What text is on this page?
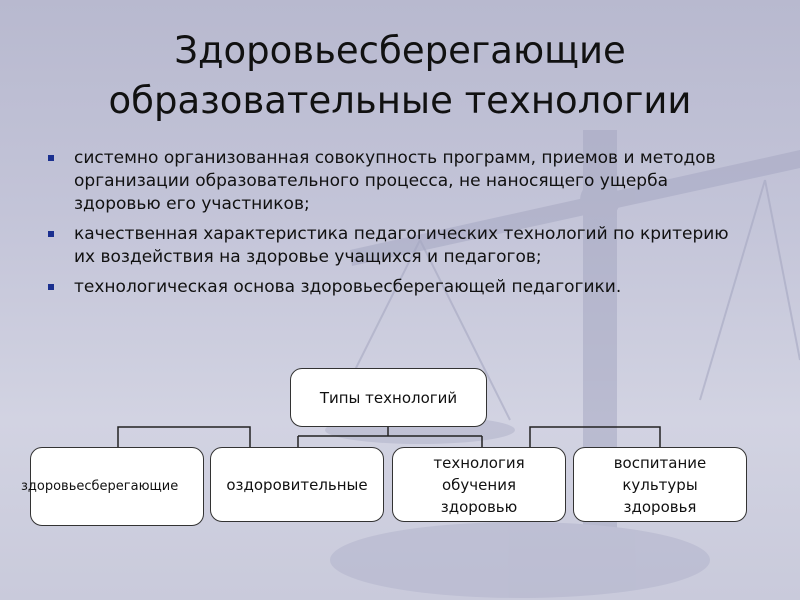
Здоровьесберегающие
образовательные технологии
системно организованная совокупность программ, приемов и методов организации образовательного процесса, не наносящего ущерба здоровью его участников;
качественная характеристика педагогических технологий по критерию их воздействия на здоровье учащихся и педагогов;
технологическая основа здоровьесберегающей педагогики.
Типы технологий
здоровьесберегающие	оздоровительные
технология обучения здоровью
воспитание культуры здоровья
